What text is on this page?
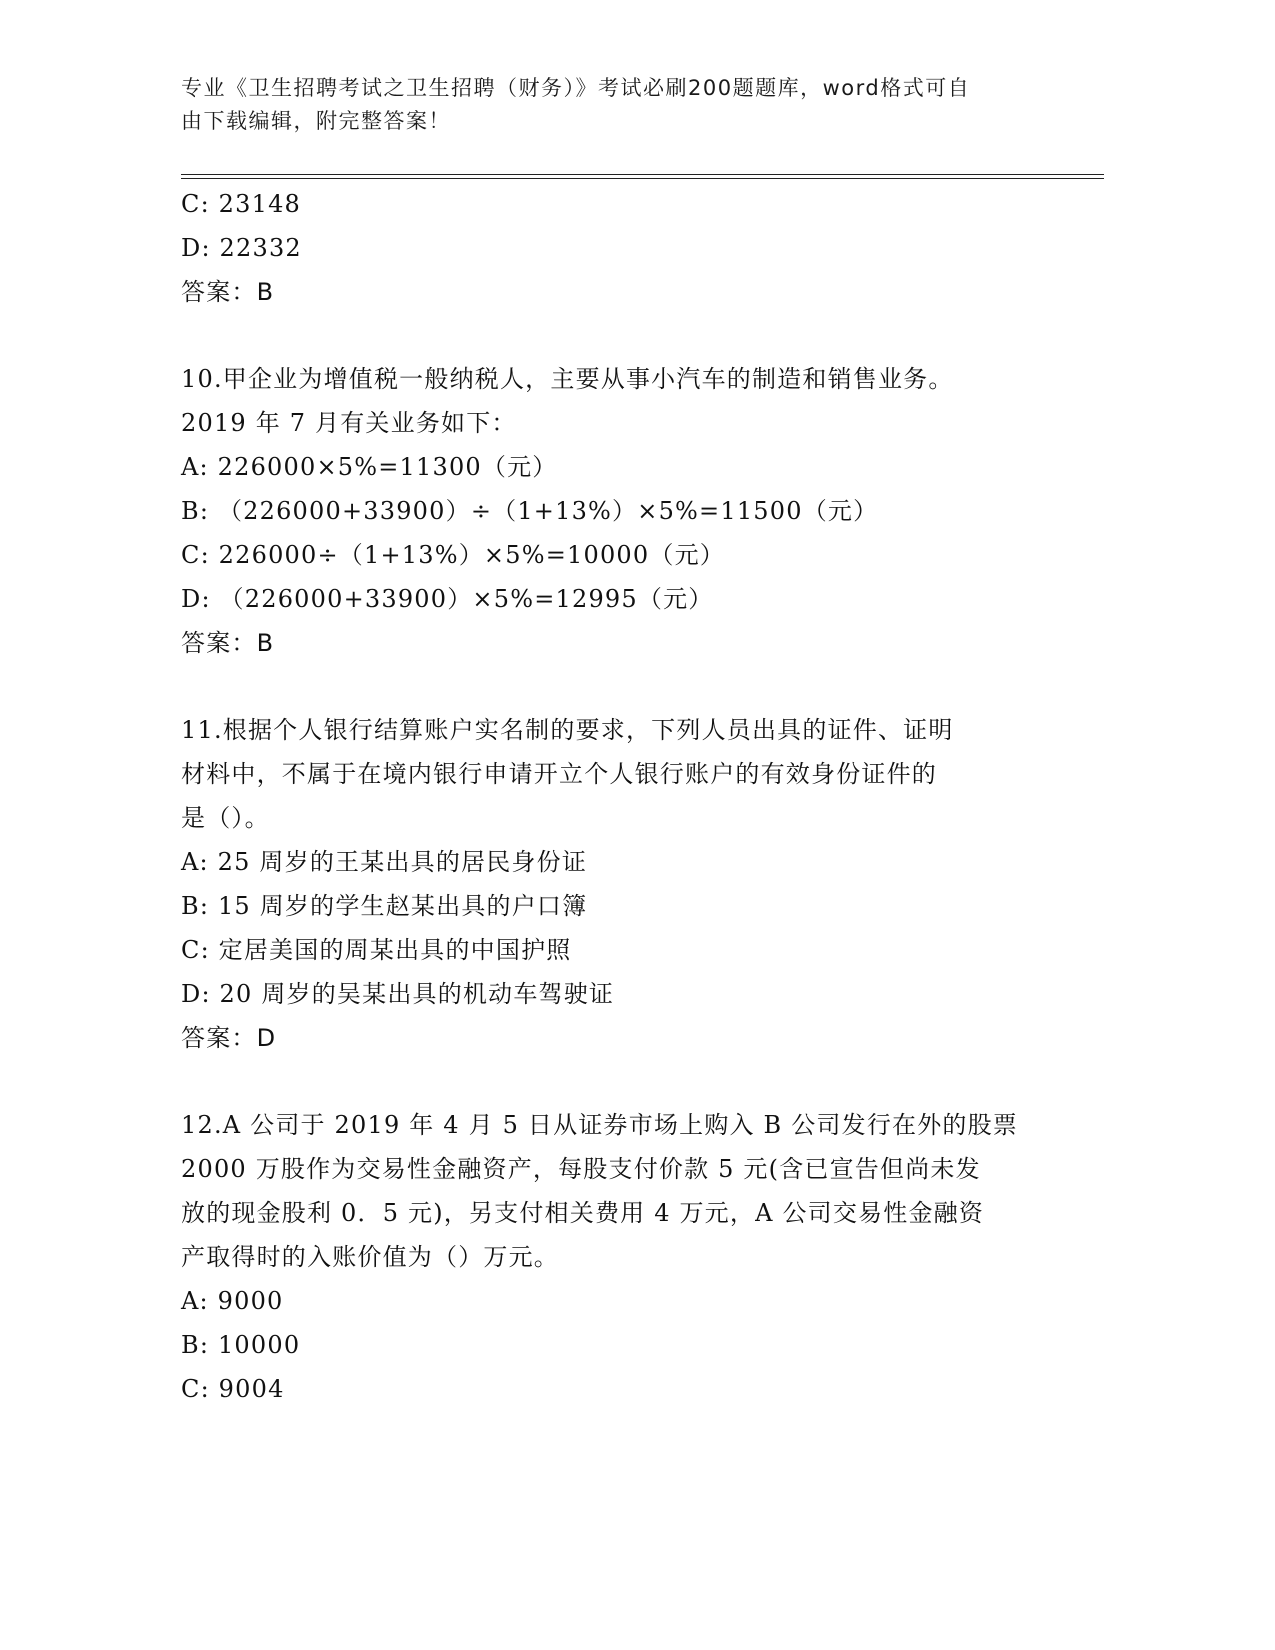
专业《卫生招聘考试之卫生招聘（财务）》考试必刷200题题库，word格式可自
由下载编辑，附完整答案！
C: 23148
D: 22332
答案：B
10.甲企业为增值税一般纳税人，主要从事小汽车的制造和销售业务。
2019 年 7 月有关业务如下：
A: 226000×5%=11300（元）
B: （226000+33900）÷（1+13%）×5%=11500（元）
C: 226000÷（1+13%）×5%=10000（元）
D: （226000+33900）×5%=12995（元）
答案：B
11.根据个人银行结算账户实名制的要求，下列人员出具的证件、证明
材料中，不属于在境内银行申请开立个人银行账户的有效身份证件的
是（）。
A: 25 周岁的王某出具的居民身份证
B: 15 周岁的学生赵某出具的户口簿
C: 定居美国的周某出具的中国护照
D: 20 周岁的吴某出具的机动车驾驶证
答案：D
12.A 公司于 2019 年 4 月 5 日从证券市场上购入 B 公司发行在外的股票
2000 万股作为交易性金融资产，每股支付价款 5 元(含已宣告但尚未发
放的现金股利 0．5 元)，另支付相关费用 4 万元，A 公司交易性金融资
产取得时的入账价值为（）万元。
A: 9000
B: 10000
C: 9004
